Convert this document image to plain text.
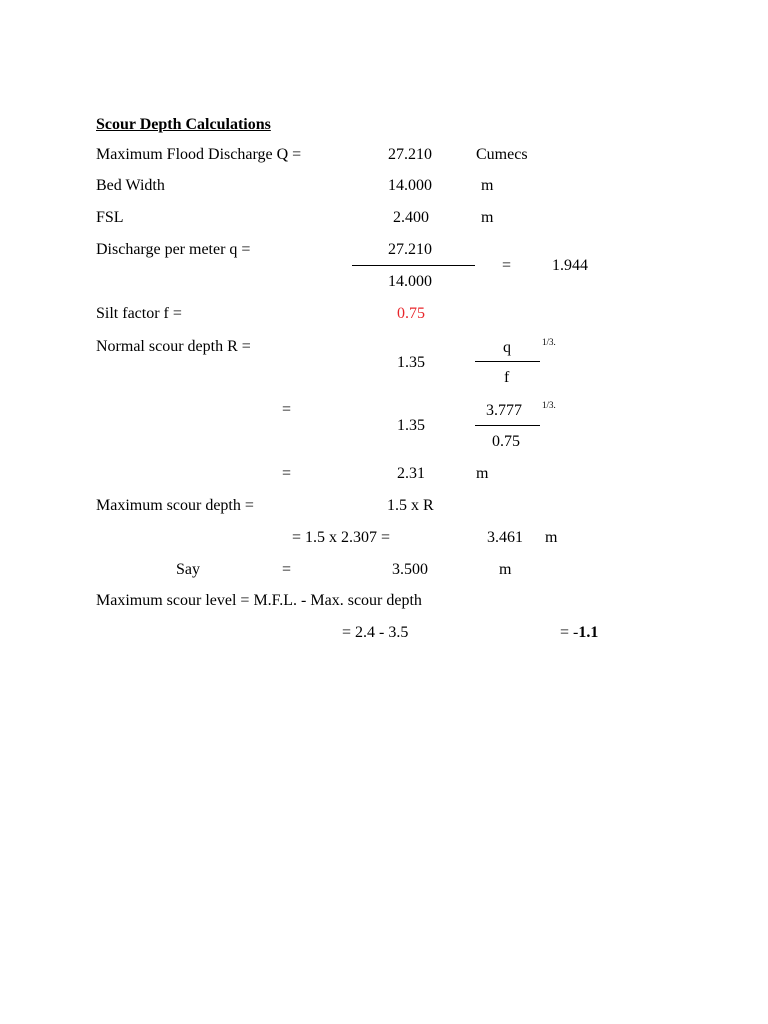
Scour Depth Calculations
Maximum Flood Discharge Q =	27.210	Cumecs
Bed Width	14.000	m
FSL	2.400	m
Discharge per meter q =	27.210
14.000
=	1.944
Silt factor f =	0.75
Normal scour depth R =
1.35
q	1/3.
f
=
1.35
3.777 1/3.
0.75
=	2.31	m
Maximum scour depth =	1.5 x R
= 1.5 x 2.307 =	3.461 m
Say	=	3.500	m
Maximum scour level = M.F.L. - Max. scour depth
= 2.4 - 3.5	= -1.1
